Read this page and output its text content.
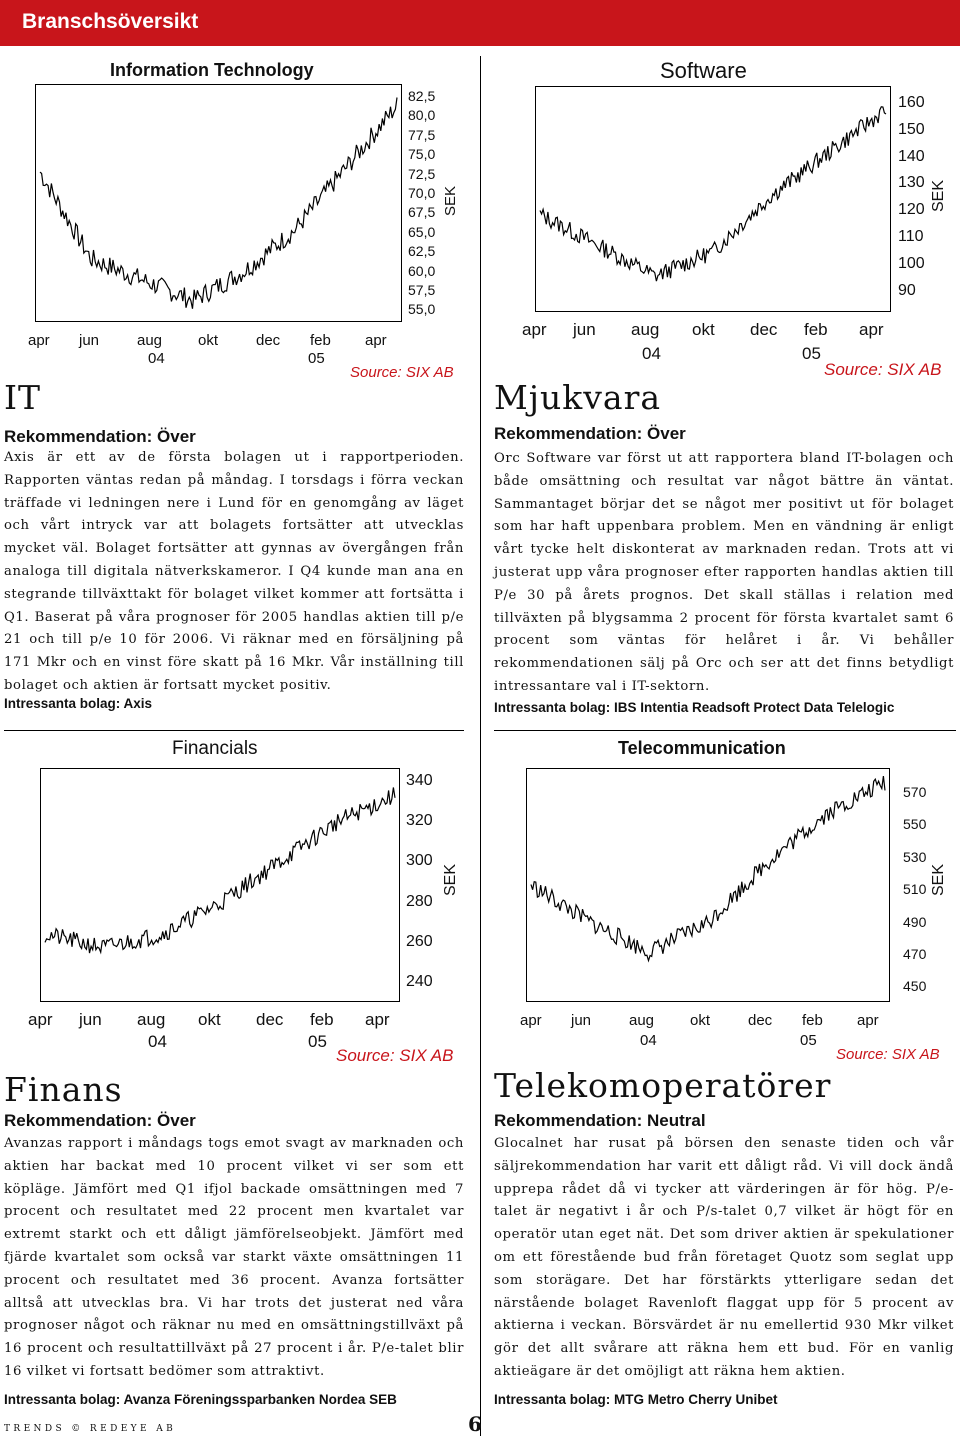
Branschsöversikt
Information Technology
82,5
80,0
77,5
75,0
72,5
70,0
67,5
65,0
62,5
60,0
57,5
55,0
SEK
apr jun	aug okt	dec feb apr
04	05
Source: SIX AB
Software
160
150
140
130
120
110
100
90
SEK
apr jun aug okt dec feb apr
04	05
Source: SIX AB
IT
Rekommendation: Över

Axis är ett av de första bolagen ut i rapportperioden. Rapporten väntas redan på måndag. I torsdags i förra veckan träffade vi ledningen nere i Lund för en genomgång av läget och vårt intryck var att bolagets fortsätter att utvecklas mycket väl. Bolaget fortsätter att gynnas av övergången från analoga till digitala nätverkskameror. I Q4 kunde man ana en stegrande tillväxttakt för bolaget vilket kommer att fortsätta i Q1. Baserat på våra prognoser för 2005 handlas aktien till p/e 21 och till p/e 10 för 2006. Vi räknar med en försäljning på 171 Mkr och en vinst före skatt på 16 Mkr. Vår inställning till bolaget och aktien är fortsatt mycket positiv.

Intressanta bolag: Axis
Mjukvara
Rekommendation: Över

Orc Software var först ut att rapportera bland IT-bolagen och både omsättning och resultat var något bättre än väntat. Sammantaget börjar det se något mer positivt ut för bolaget som har haft uppenbara problem. Men en vändning är enligt vårt tycke helt diskonterat av marknaden redan. Trots att vi justerat upp våra prognoser efter rapporten handlas aktien till P/e 30 på årets prognos. Det skall ställas i relation med tillväxten på blygsamma 2 procent för första kvartalet samt 6 procent som väntas för helåret i år. Vi behåller rekommendationen sälj på Orc och ser att det finns betydligt intressantare val i IT-sektorn.

Intressanta bolag: IBS Intentia Readsoft Protect Data Telelogic
Financials
340
320
300
280
260
240
SEK
apr jun aug okt dec feb apr
04	05
Source: SIX AB
Telecommunication
570
550
530
510
490
470
450
SEK
apr jun	aug okt	dec feb apr
04	05
Source: SIX AB
Finans
Rekommendation: Över

Avanzas rapport i måndags togs emot svagt av marknaden och aktien har backat med 10 procent vilket vi ser som ett köpläge. Jämfört med Q1 ifjol backade omsättningen med 7 procent och resultatet med 22 procent men kvartalet var extremt starkt och ett dåligt jämförelseobjekt. Jämfört med fjärde kvartalet som också var starkt växte omsättningen 11 procent och resultatet med 36 procent. Avanza fortsätter alltså att utvecklas bra. Vi har trots det justerat ned våra prognoser något och räknar nu med en omsättningstillväxt på 16 procent och resultattillväxt på 27 procent i år. P/e-talet blir 16 vilket vi fortsatt bedömer som attraktivt.

Intressanta bolag: Avanza Föreningssparbanken Nordea SEB
Telekomoperatörer
Rekommendation: Neutral

Glocalnet har rusat på börsen den senaste tiden och vår säljrekommendation har varit ett dåligt råd. Vi vill dock ändå upprepa rådet då vi tycker att värderingen är för hög. P/e-talet är negativt i år och P/s-talet 0,7 vilket är högt för en operatör utan eget nät. Det som driver aktien är spekulationer om ett förestående bud från företaget Quotz som seglat upp som storägare. Det har förstärkts ytterligare sedan det närstående bolaget Ravenloft flaggat upp för 5 procent av aktierna i veckan. Börsvärdet är nu emellertid 930 Mkr vilket gör det allt svårare att räkna hem ett bud. För en vanlig aktieägare är det omöjligt att räkna hem aktien.

Intressanta bolag: MTG Metro Cherry Unibet
TRENDS © REDEYE AB	6
